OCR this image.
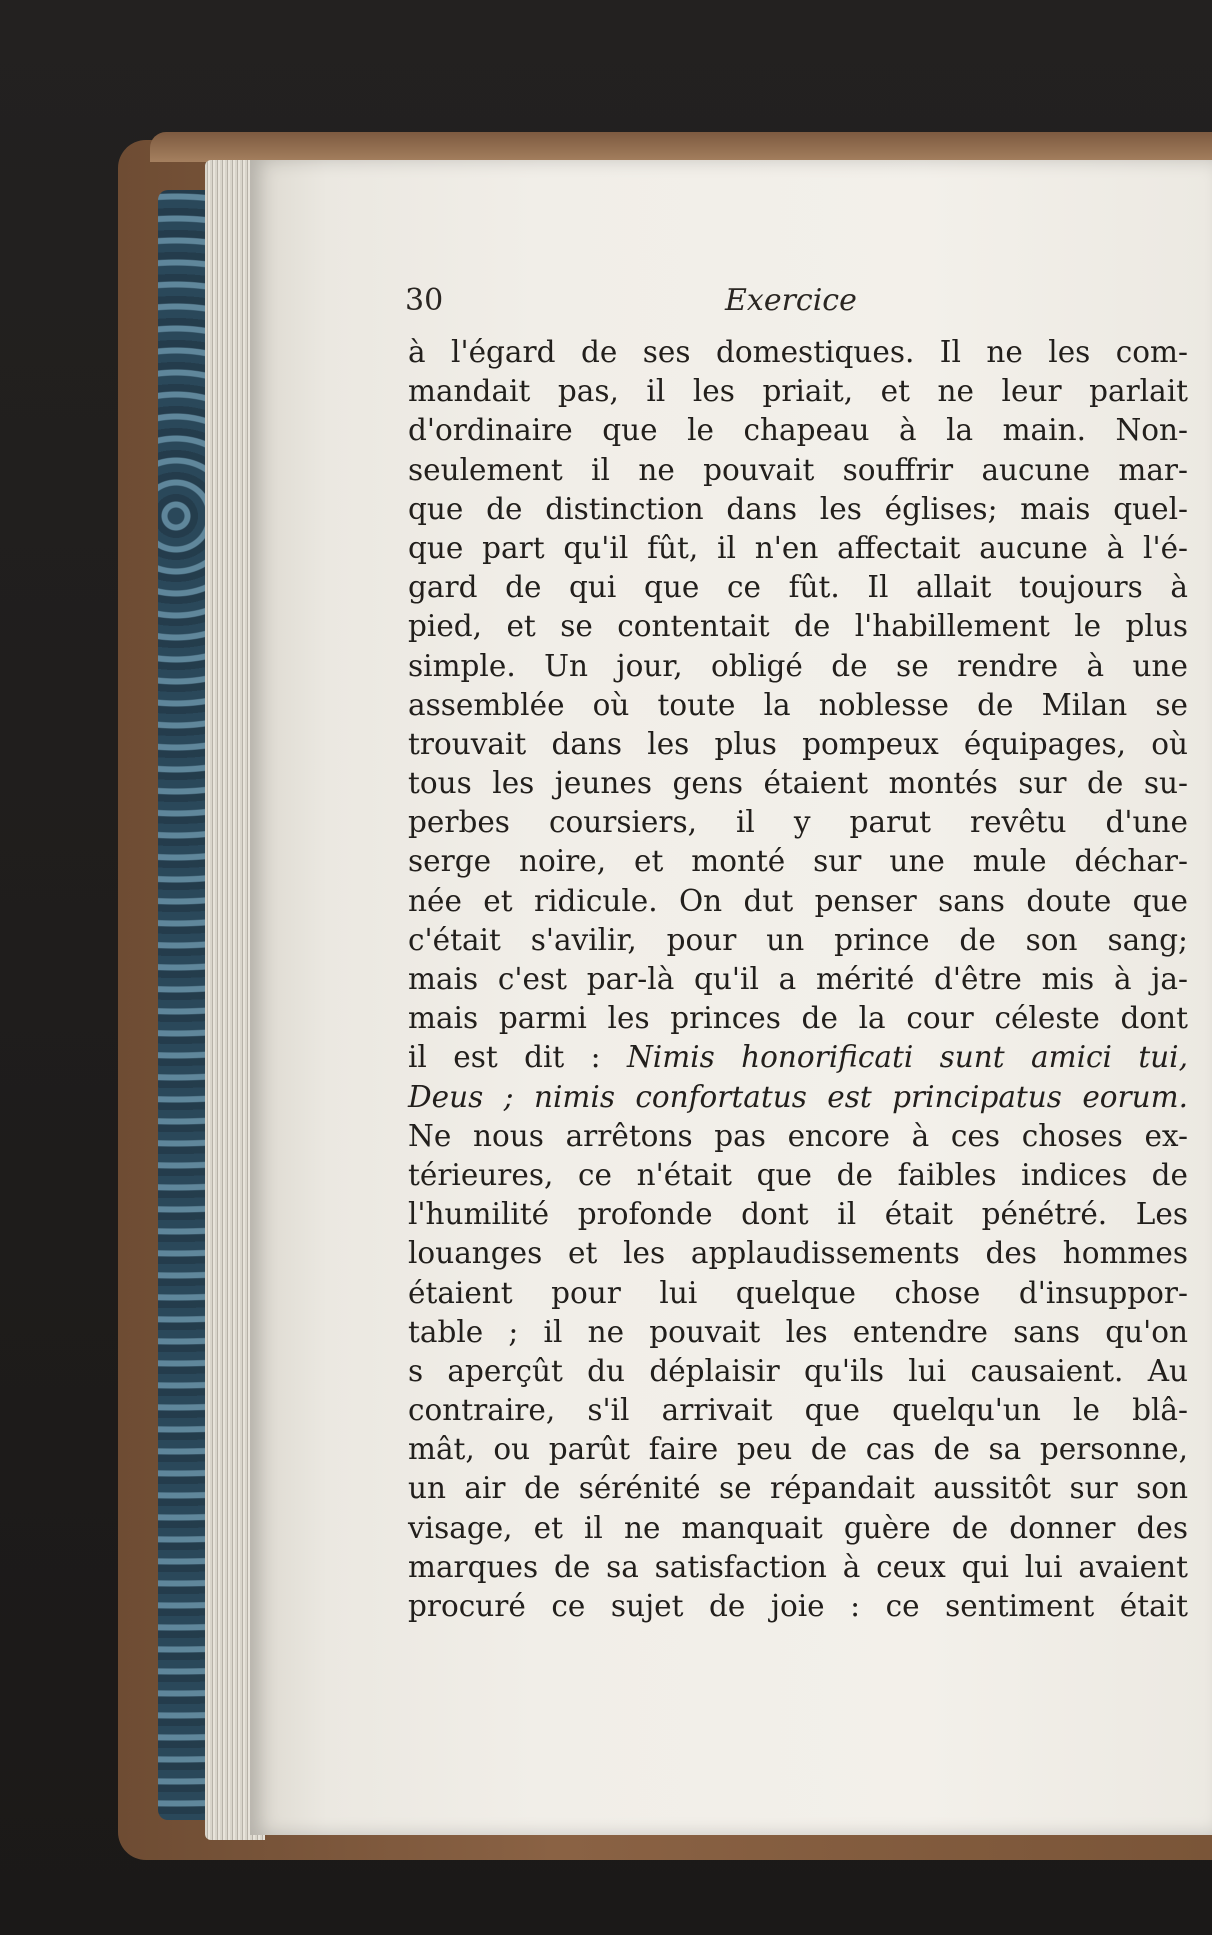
30	Exercice
à l'égard de ses domestiques. Il ne les com-
mandait pas, il les priait, et ne leur parlait
d'ordinaire que le chapeau à la main. Non-
seulement il ne pouvait souffrir aucune mar-
que de distinction dans les églises; mais quel-
que part qu'il fût, il n'en affectait aucune à l'é-
gard de qui que ce fût. Il allait toujours à
pied, et se contentait de l'habillement le plus
simple. Un jour, obligé de se rendre à une
assemblée où toute la noblesse de Milan se
trouvait dans les plus pompeux équipages, où
tous les jeunes gens étaient montés sur de su-
perbes coursiers, il y parut revêtu d'une
serge noire, et monté sur une mule déchar-
née et ridicule. On dut penser sans doute que
c'était s'avilir, pour un prince de son sang;
mais c'est par-là qu'il a mérité d'être mis à ja-
mais parmi les princes de la cour céleste dont
il est dit : Nimis honorificati sunt amici tui,
Deus ; nimis confortatus est principatus eorum.
Ne nous arrêtons pas encore à ces choses ex-
térieures, ce n'était que de faibles indices de
l'humilité profonde dont il était pénétré. Les
louanges et les applaudissements des hommes
étaient pour lui quelque chose d'insuppor-
table ; il ne pouvait les entendre sans qu'on
s aperçût du déplaisir qu'ils lui causaient. Au
contraire, s'il arrivait que quelqu'un le blâ-
mât, ou parût faire peu de cas de sa personne,
un air de sérénité se répandait aussitôt sur son
visage, et il ne manquait guère de donner des
marques de sa satisfaction à ceux qui lui avaient
procuré ce sujet de joie : ce sentiment était
